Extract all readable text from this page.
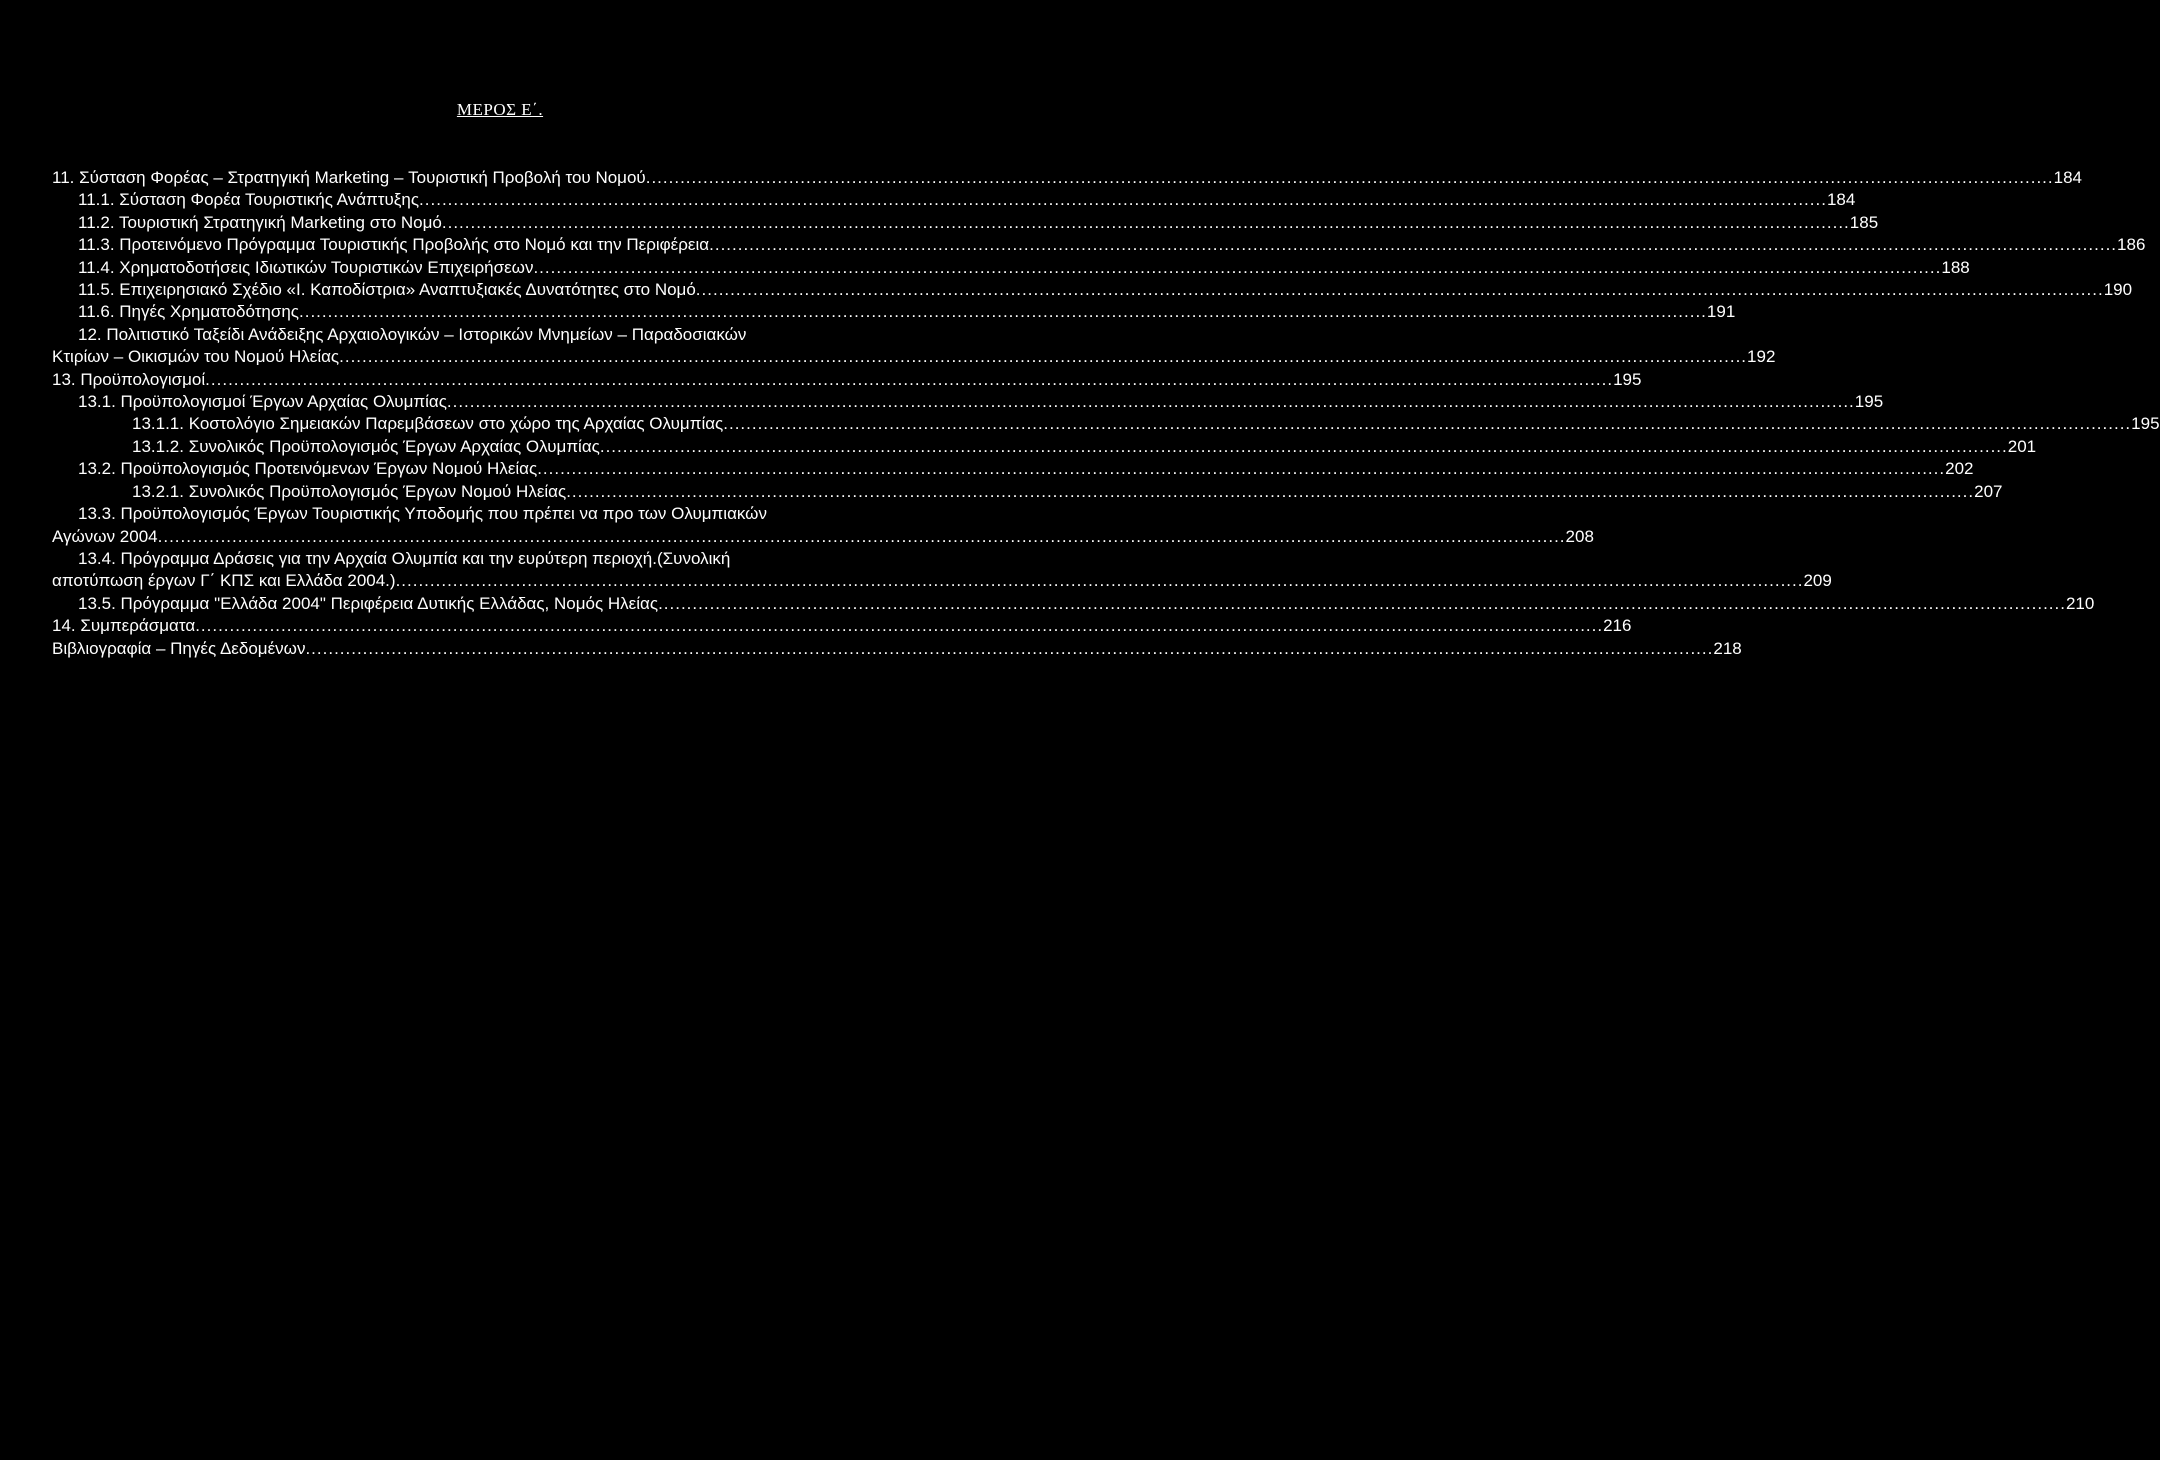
ΜΕΡΟΣ Ε΄.
11. Σύσταση Φορέας – Στρατηγική Marketing – Τουριστική Προβολή του Νομού .....	184
11.1. Σύσταση Φορέα Τουριστικής Ανάπτυξης .....	184
11.2. Τουριστική Στρατηγική Marketing στο Νομό .....	185
11.3. Προτεινόμενο Πρόγραμμα Τουριστικής Προβολής στο Νομό και την Περιφέρεια .....	186
11.4. Χρηματοδοτήσεις Ιδιωτικών Τουριστικών Επιχειρήσεων .....	188
11.5. Επιχειρησιακό Σχέδιο «Ι. Καποδίστρια» Αναπτυξιακές Δυνατότητες στο Νομό .....	190
11.6. Πηγές Χρηματοδότησης .....	191
12. Πολιτιστικό Ταξείδι Ανάδειξης Αρχαιολογικών – Ιστορικών Μνημείων – Παραδοσιακών
Κτιρίων – Οικισμών του Νομού Ηλείας .....	192
13. Προϋπολογισμοί .....	195
13.1. Προϋπολογισμοί Έργων Αρχαίας Ολυμπίας .....	195
13.1.1. Κοστολόγιο Σημειακών Παρεμβάσεων στο χώρο της Αρχαίας Ολυμπίας .....	195
13.1.2. Συνολικός Προϋπολογισμός Έργων Αρχαίας Ολυμπίας .....	201
13.2. Προϋπολογισμός Προτεινόμενων Έργων Νομού Ηλείας .....	202
13.2.1. Συνολικός Προϋπολογισμός Έργων Νομού Ηλείας .....	207
13.3. Προϋπολογισμός Έργων Τουριστικής Υποδομής που πρέπει να προ των Ολυμπιακών
Αγώνων 2004 .....	208
13.4. Πρόγραμμα Δράσεις για την Αρχαία Ολυμπία και την ευρύτερη περιοχή.(Συνολική
αποτύπωση έργων Γ΄ ΚΠΣ και Ελλάδα 2004.) .....	209
13.5. Πρόγραμμα "Ελλάδα 2004" Περιφέρεια Δυτικής Ελλάδας, Νομός Ηλείας .....	210
14. Συμπεράσματα .....	216
Βιβλιογραφία – Πηγές Δεδομένων .....	218
